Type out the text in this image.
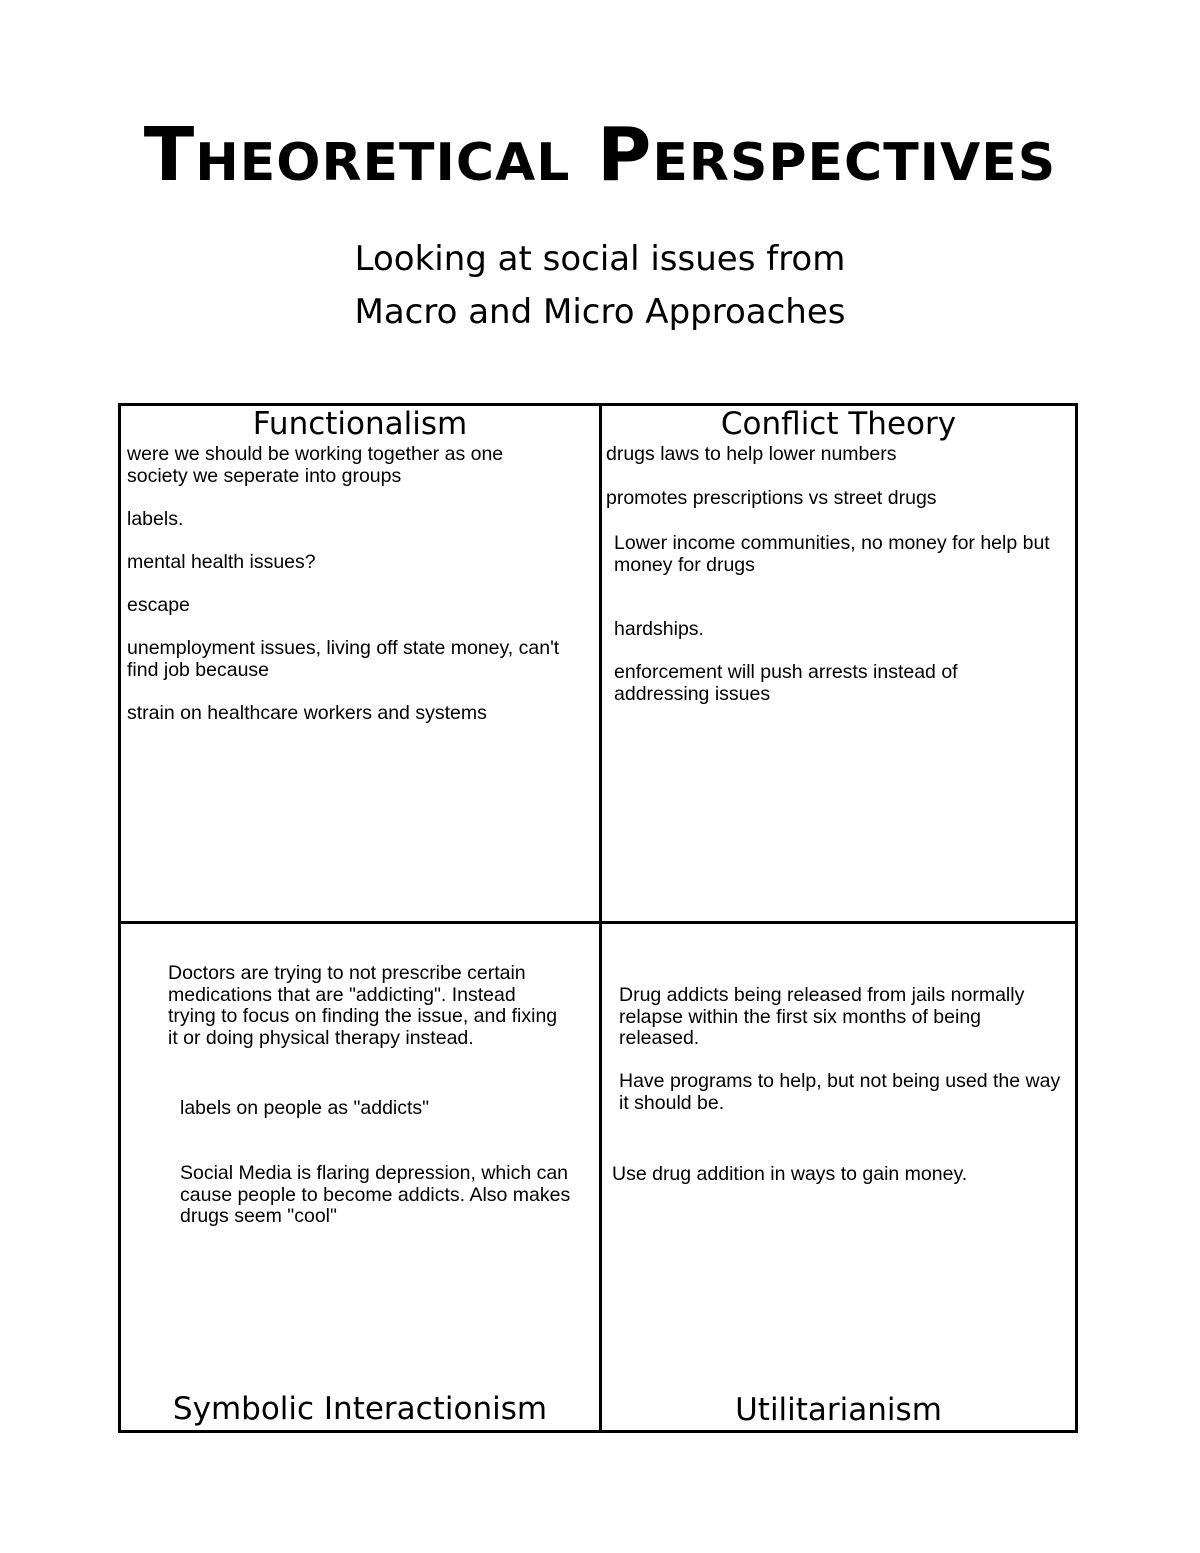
Theoretical Perspectives
Looking at social issues from
Macro and Micro Approaches
Functionalism
were we should be working together as one society we seperate into groups
labels.
mental health issues?
escape
unemployment issues, living off state money, can't find job because
strain on healthcare workers and systems
Conflict Theory
drugs laws to help lower numbers
promotes prescriptions vs street drugs
Lower income communities, no money for help but money for drugs
hardships.
enforcement will push arrests instead of addressing issues
Doctors are trying to not prescribe certain medications that are "addicting". Instead trying to focus on finding the issue, and fixing it or doing physical therapy instead.
labels on people as "addicts"
Social Media is flaring depression, which can cause people to become addicts. Also makes drugs seem "cool"
Symbolic Interactionism
Drug addicts being released from jails normally relapse within the first six months of being released.
Have programs to help, but not being used the way it should be.
Use drug addition in ways to gain money.
Utilitarianism
